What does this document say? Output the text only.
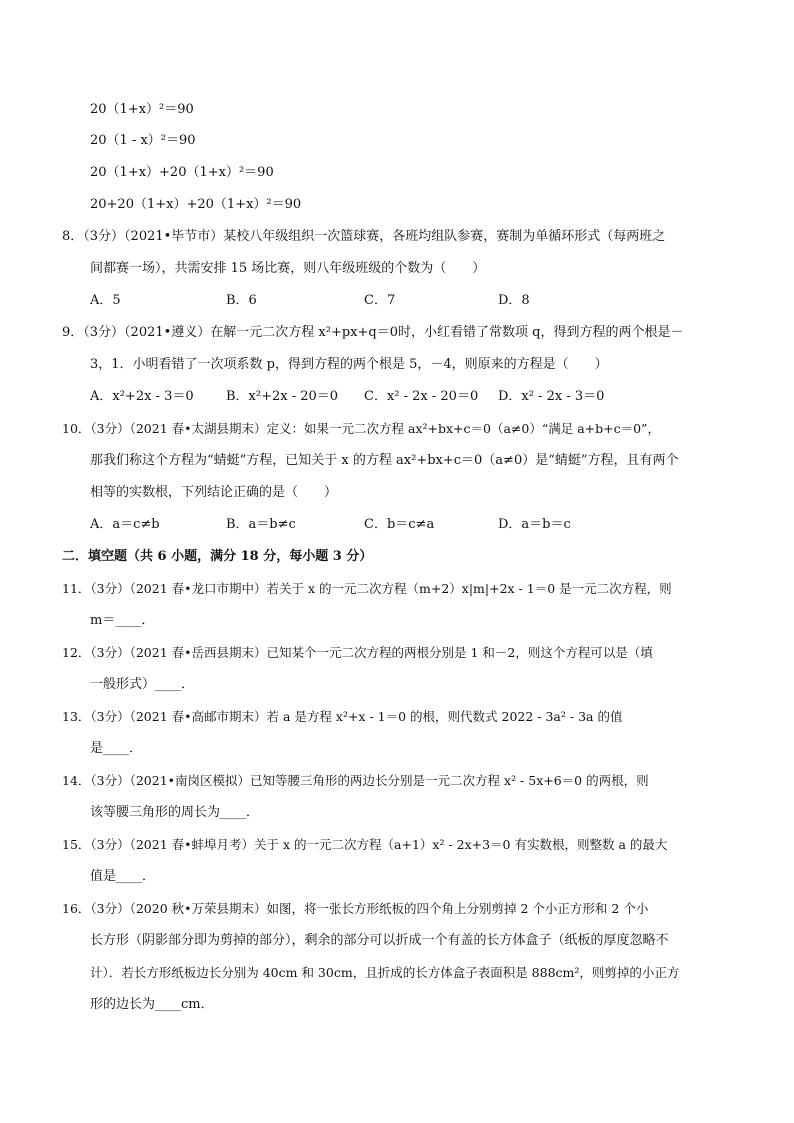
20（1+x）²＝90
20（1 - x）²＝90
20（1+x）+20（1+x）²＝90
20+20（1+x）+20（1+x）²＝90
8．（3分）（2021•毕节市）某校八年级组织一次篮球赛，各班均组队参赛，赛制为单循环形式（每两班之
间都赛一场），共需安排 15 场比赛，则八年级班级的个数为（　　）
A．5	B．6	C．7	D．8
9．（3分）（2021•遵义）在解一元二次方程 x²+px+q＝0时，小红看错了常数项 q，得到方程的两个根是－
3，1．小明看错了一次项系数 p，得到方程的两个根是 5，－4，则原来的方程是（　　）
A．x²+2x - 3＝0 B．x²+2x - 20＝0 C．x² - 2x - 20＝0 D．x² - 2x - 3＝0
10．（3分）（2021 春•太湖县期末）定义：如果一元二次方程 ax²+bx+c＝0（a≠0）“满足 a+b+c＝0”，
那我们称这个方程为“蜻蜓”方程，已知关于 x 的方程 ax²+bx+c＝0（a≠0）是“蜻蜓”方程，且有两个
相等的实数根，下列结论正确的是（　　）
A．a＝c≠b	B．a＝b≠c	C．b＝c≠a	D．a＝b＝c
二．填空题（共 6 小题，满分 18 分，每小题 3 分）
11．（3分）（2021 春•龙口市期中）若关于 x 的一元二次方程（m+2）x|m|+2x - 1＝0 是一元二次方程，则
m＝____．
12．（3分）（2021 春•岳西县期末）已知某个一元二次方程的两根分别是 1 和－2，则这个方程可以是（填
一般形式）____．
13．（3分）（2021 春•高邮市期末）若 a 是方程 x²+x - 1＝0 的根，则代数式 2022 - 3a² - 3a 的值
是____．
14．（3分）（2021•南岗区模拟）已知等腰三角形的两边长分别是一元二次方程 x² - 5x+6＝0 的两根，则
该等腰三角形的周长为____．
15．（3分）（2021 春•蚌埠月考）关于 x 的一元二次方程（a+1）x² - 2x+3＝0 有实数根，则整数 a 的最大
值是____．
16．（3分）（2020 秋•万荣县期末）如图，将一张长方形纸板的四个角上分别剪掉 2 个小正方形和 2 个小
长方形（阴影部分即为剪掉的部分），剩余的部分可以折成一个有盖的长方体盒子（纸板的厚度忽略不
计）．若长方形纸板边长分别为 40cm 和 30cm，且折成的长方体盒子表面积是 888cm²，则剪掉的小正方
形的边长为____cm．
